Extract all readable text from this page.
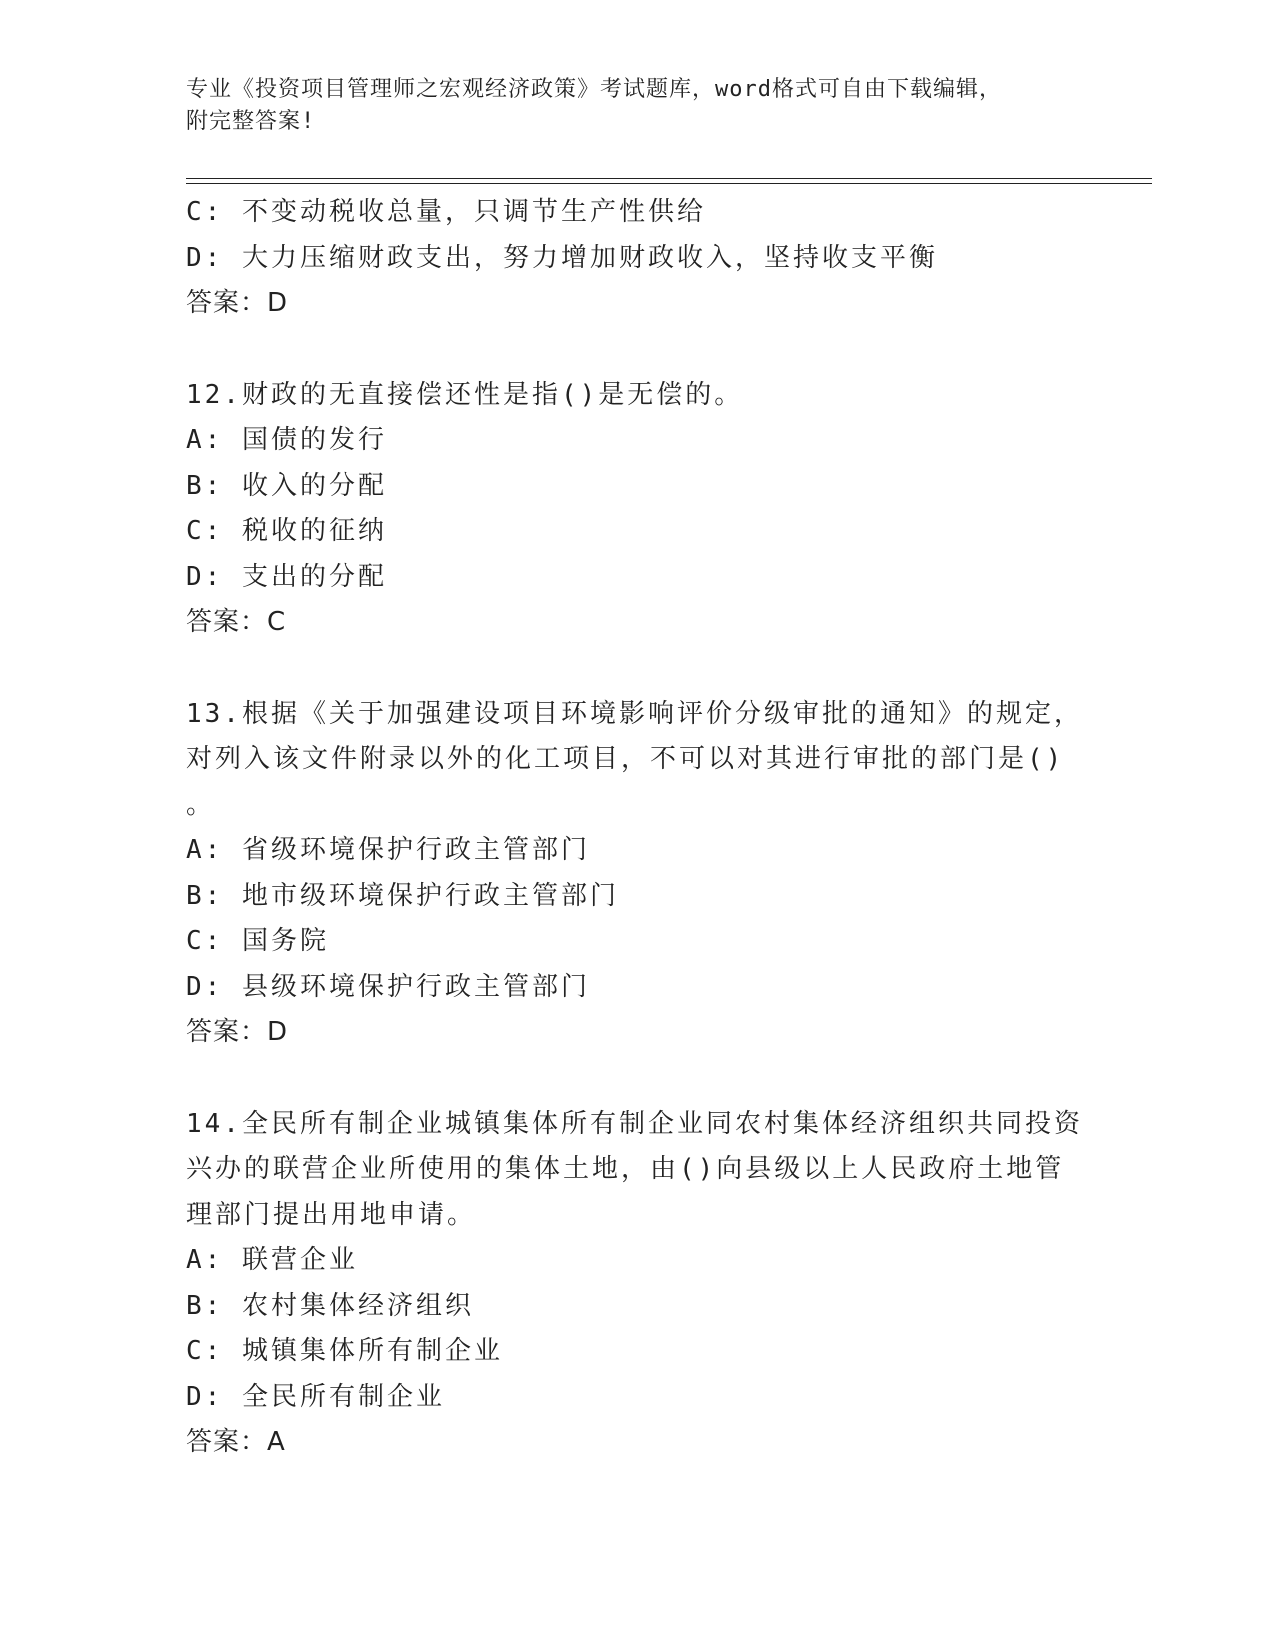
专业《投资项目管理师之宏观经济政策》考试题库，word格式可自由下载编辑，
附完整答案!
C: 不变动税收总量，只调节生产性供给
D: 大力压缩财政支出，努力增加财政收入，坚持收支平衡
答案：D
12.财政的无直接偿还性是指()是无偿的。
A: 国债的发行
B: 收入的分配
C: 税收的征纳
D: 支出的分配
答案：C
13.根据《关于加强建设项目环境影响评价分级审批的通知》的规定，
对列入该文件附录以外的化工项目，不可以对其进行审批的部门是()
。
A: 省级环境保护行政主管部门
B: 地市级环境保护行政主管部门
C: 国务院
D: 县级环境保护行政主管部门
答案：D
14.全民所有制企业城镇集体所有制企业同农村集体经济组织共同投资
兴办的联营企业所使用的集体土地，由()向县级以上人民政府土地管
理部门提出用地申请。
A: 联营企业
B: 农村集体经济组织
C: 城镇集体所有制企业
D: 全民所有制企业
答案：A
